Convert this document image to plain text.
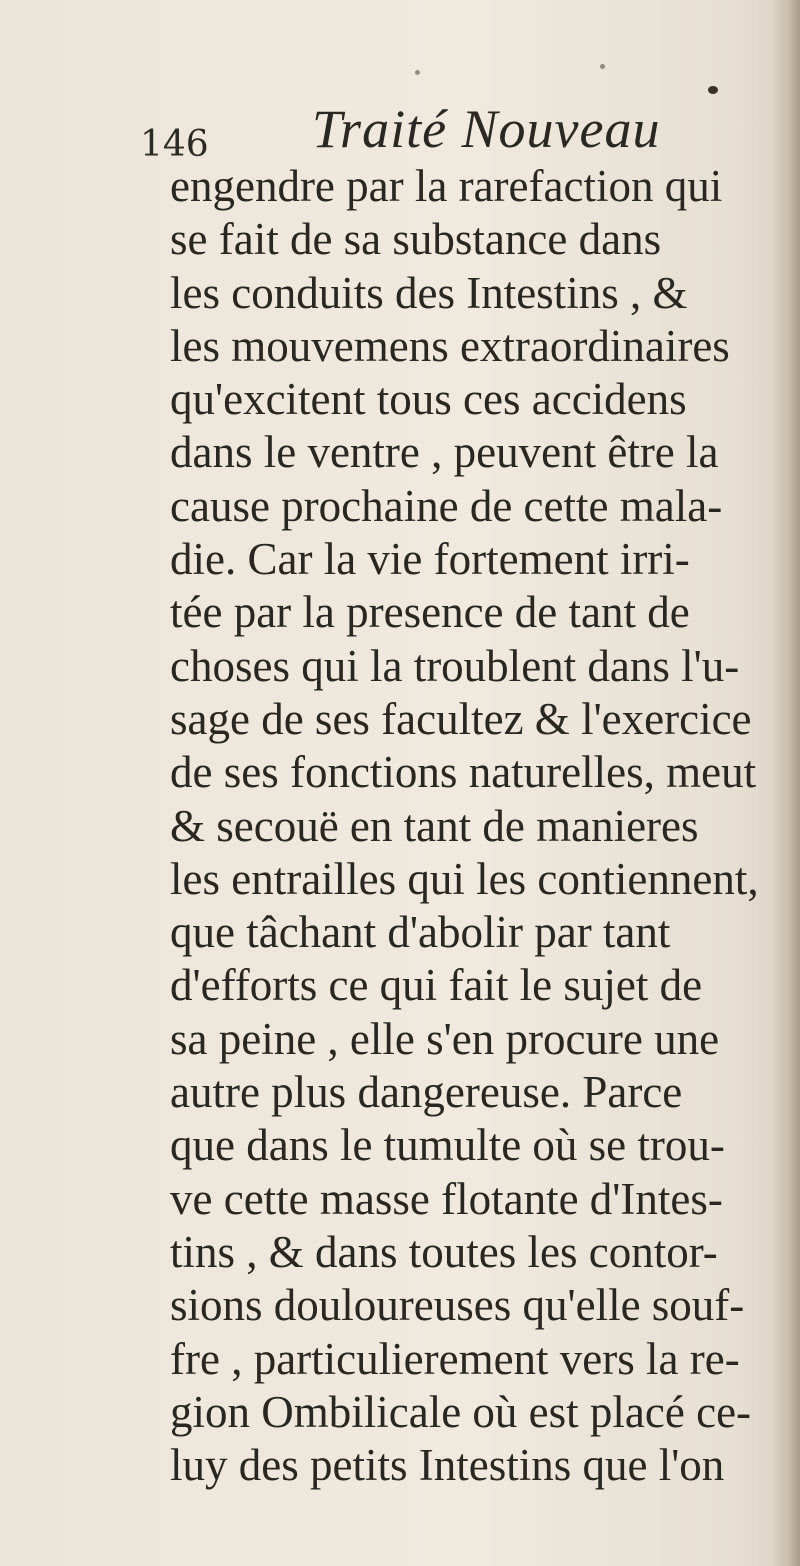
146 Traité Nouveau
engendre par la rarefaction qui
se fait de sa substance dans
les conduits des Intestins , &
les mouvemens extraordinaires
qu'excitent tous ces accidens
dans le ventre , peuvent être la
cause prochaine de cette mala-
die. Car la vie fortement irri-
tée par la presence de tant de
choses qui la troublent dans l'u-
sage de ses facultez & l'exercice
de ses fonctions naturelles, meut
& secouë en tant de manieres
les entrailles qui les contiennent,
que tâchant d'abolir par tant
d'efforts ce qui fait le sujet de
sa peine , elle s'en procure une
autre plus dangereuse. Parce
que dans le tumulte où se trou-
ve cette masse flotante d'Intes-
tins , & dans toutes les contor-
sions douloureuses qu'elle souf-
fre , particulierement vers la re-
gion Ombilicale où est placé ce-
luy des petits Intestins que l'on
